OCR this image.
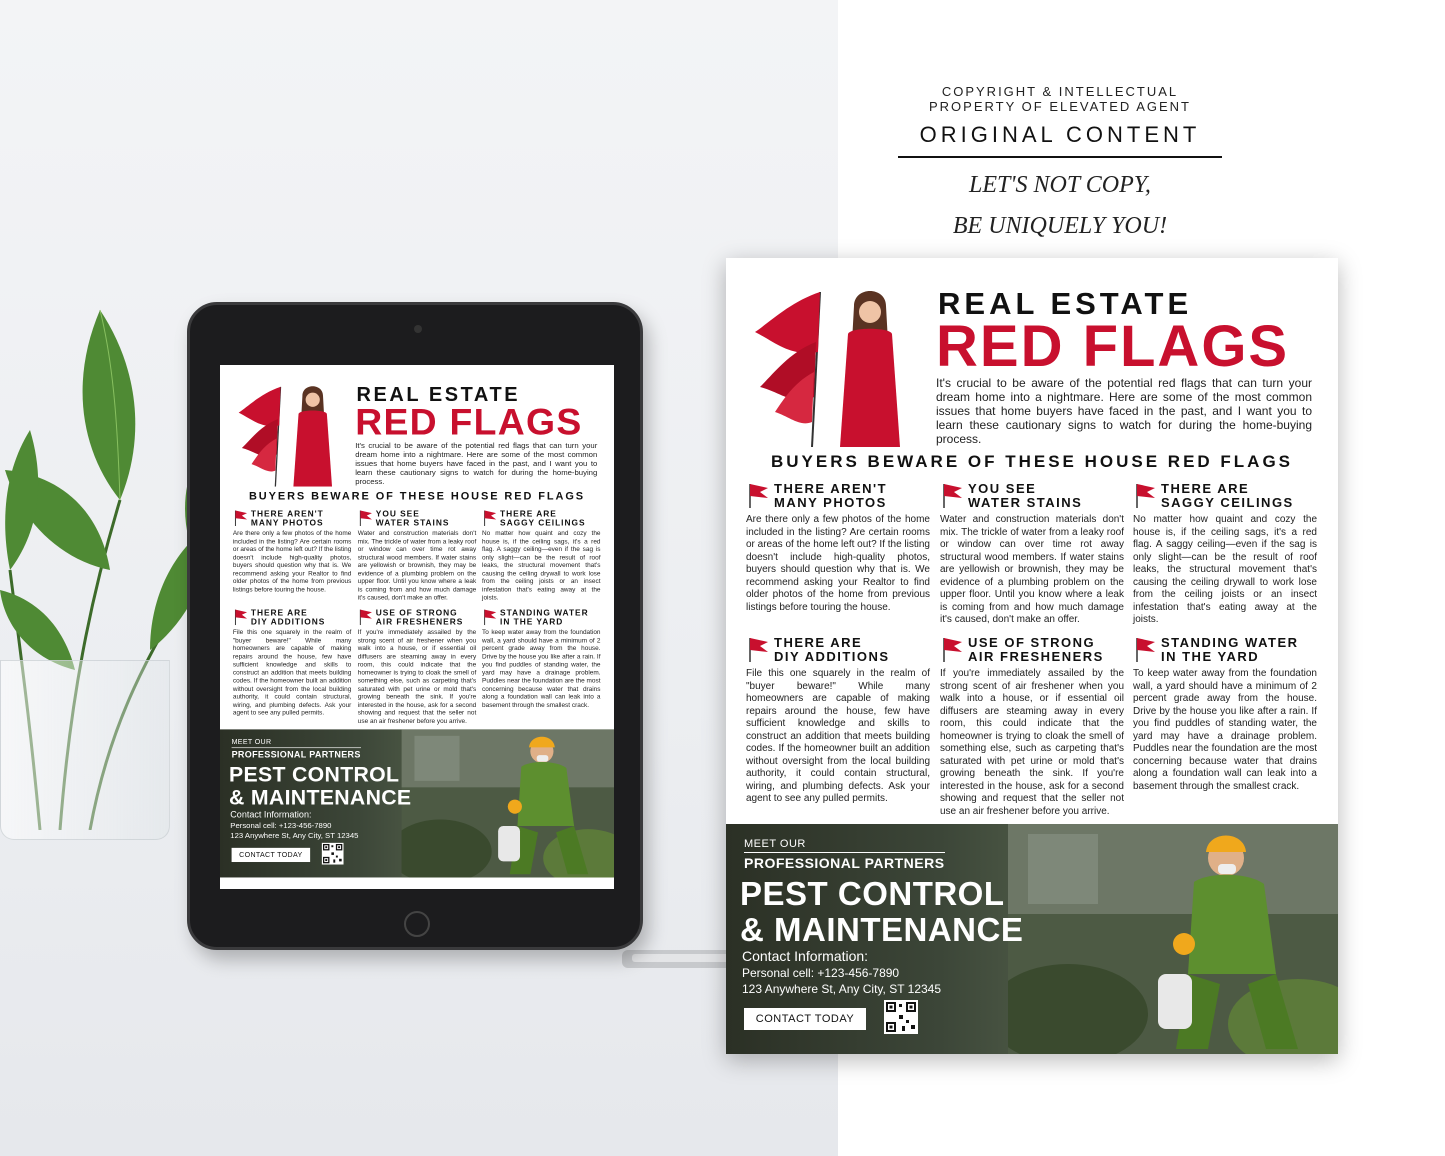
COPYRIGHT & INTELLECTUAL
PROPERTY OF ELEVATED AGENT
ORIGINAL CONTENT
LET'S NOT COPY,
BE UNIQUELY YOU!
REAL ESTATE
RED FLAGS
It's crucial to be aware of the potential red flags that can turn your dream home into a nightmare. Here are some of the most common issues that home buyers have faced in the past, and I want you to learn these cautionary signs to watch for during the home-buying process.
BUYERS BEWARE OF THESE HOUSE RED FLAGS
THERE AREN'T
MANY PHOTOS

Are there only a few photos of the home included in the listing? Are certain rooms or areas of the home left out? If the listing doesn't include high-quality photos, buyers should question why that is. We recommend asking your Realtor to find older photos of the home from previous listings before touring the house.

YOU SEE
WATER STAINS

Water and construction materials don't mix. The trickle of water from a leaky roof or window can over time rot away structural wood members. If water stains are yellowish or brownish, they may be evidence of a plumbing problem on the upper floor. Until you know where a leak is coming from and how much damage it's caused, don't make an offer.

THERE ARE
SAGGY CEILINGS

No matter how quaint and cozy the house is, if the ceiling sags, it's a red flag. A saggy ceiling—even if the sag is only slight—can be the result of roof leaks, the structural movement that's causing the ceiling drywall to work lose from the ceiling joists or an insect infestation that's eating away at the joists.

THERE ARE
DIY ADDITIONS

File this one squarely in the realm of "buyer beware!" While many homeowners are capable of making repairs around the house, few have sufficient knowledge and skills to construct an addition that meets building codes. If the homeowner built an addition without oversight from the local building authority, it could contain structural, wiring, and plumbing defects. Ask your agent to see any pulled permits.

USE OF STRONG
AIR FRESHENERS

If you're immediately assailed by the strong scent of air freshener when you walk into a house, or if essential oil diffusers are steaming away in every room, this could indicate that the homeowner is trying to cloak the smell of something else, such as carpeting that's saturated with pet urine or mold that's growing beneath the sink. If you're interested in the house, ask for a second showing and request that the seller not use an air freshener before you arrive.

STANDING WATER
IN THE YARD

To keep water away from the foundation wall, a yard should have a minimum of 2 percent grade away from the house. Drive by the house you like after a rain. If you find puddles of standing water, the yard may have a drainage problem. Puddles near the foundation are the most concerning because water that drains along a foundation wall can leak into a basement through the smallest crack.

MEET OUR
PROFESSIONAL PARTNERS
PEST CONTROL
& MAINTENANCE
Contact Information:
Personal cell: +123-456-7890
123 Anywhere St, Any City, ST 12345
CONTACT TODAY
REAL ESTATE
RED FLAGS
It's crucial to be aware of the potential red flags that can turn your dream home into a nightmare. Here are some of the most common issues that home buyers have faced in the past, and I want you to learn these cautionary signs to watch for during the home-buying process.
BUYERS BEWARE OF THESE HOUSE RED FLAGS
THERE AREN'T
MANY PHOTOS

Are there only a few photos of the home included in the listing? Are certain rooms or areas of the home left out? If the listing doesn't include high-quality photos, buyers should question why that is. We recommend asking your Realtor to find older photos of the home from previous listings before touring the house.

YOU SEE
WATER STAINS

Water and construction materials don't mix. The trickle of water from a leaky roof or window can over time rot away structural wood members. If water stains are yellowish or brownish, they may be evidence of a plumbing problem on the upper floor. Until you know where a leak is coming from and how much damage it's caused, don't make an offer.

THERE ARE
SAGGY CEILINGS

No matter how quaint and cozy the house is, if the ceiling sags, it's a red flag. A saggy ceiling—even if the sag is only slight—can be the result of roof leaks, the structural movement that's causing the ceiling drywall to work lose from the ceiling joists or an insect infestation that's eating away at the joists.

THERE ARE
DIY ADDITIONS

File this one squarely in the realm of "buyer beware!" While many homeowners are capable of making repairs around the house, few have sufficient knowledge and skills to construct an addition that meets building codes. If the homeowner built an addition without oversight from the local building authority, it could contain structural, wiring, and plumbing defects. Ask your agent to see any pulled permits.

USE OF STRONG
AIR FRESHENERS

If you're immediately assailed by the strong scent of air freshener when you walk into a house, or if essential oil diffusers are steaming away in every room, this could indicate that the homeowner is trying to cloak the smell of something else, such as carpeting that's saturated with pet urine or mold that's growing beneath the sink. If you're interested in the house, ask for a second showing and request that the seller not use an air freshener before you arrive.

STANDING WATER
IN THE YARD

To keep water away from the foundation wall, a yard should have a minimum of 2 percent grade away from the house. Drive by the house you like after a rain. If you find puddles of standing water, the yard may have a drainage problem. Puddles near the foundation are the most concerning because water that drains along a foundation wall can leak into a basement through the smallest crack.

MEET OUR
PROFESSIONAL PARTNERS
PEST CONTROL
& MAINTENANCE
Contact Information:
Personal cell: +123-456-7890
123 Anywhere St, Any City, ST 12345
CONTACT TODAY
